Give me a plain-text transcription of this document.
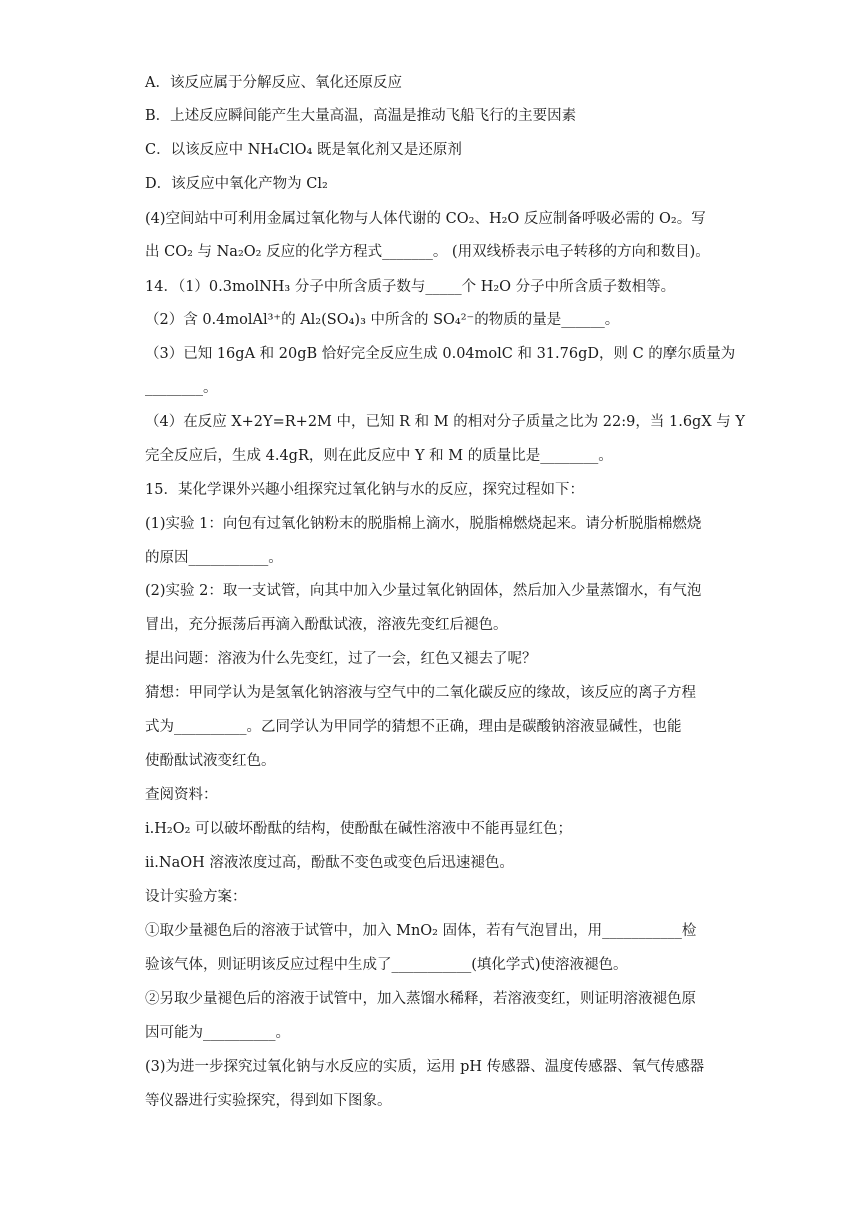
A．该反应属于分解反应、氧化还原反应
B．上述反应瞬间能产生大量高温，高温是推动飞船飞行的主要因素
C．以该反应中 NH₄ClO₄ 既是氧化剂又是还原剂
D．该反应中氧化产物为 Cl₂
(4)空间站中可利用金属过氧化物与人体代谢的 CO₂、H₂O 反应制备呼吸必需的 O₂。写
出 CO₂ 与 Na₂O₂ 反应的化学方程式_______。 (用双线桥表示电子转移的方向和数目)。
14．（1）0.3molNH₃ 分子中所含质子数与_____个 H₂O 分子中所含质子数相等。
（2）含 0.4molAl³⁺的 Al₂(SO₄)₃ 中所含的 SO₄²⁻的物质的量是______。
（3）已知 16gA 和 20gB 恰好完全反应生成 0.04molC 和 31.76gD，则 C 的摩尔质量为
________。
（4）在反应 X+2Y=R+2M 中，已知 R 和 M 的相对分子质量之比为 22:9，当 1.6gX 与 Y
完全反应后，生成 4.4gR，则在此反应中 Y 和 M 的质量比是________。
15．某化学课外兴趣小组探究过氧化钠与水的反应，探究过程如下：
(1)实验 1：向包有过氧化钠粉末的脱脂棉上滴水，脱脂棉燃烧起来。请分析脱脂棉燃烧
的原因___________。
(2)实验 2：取一支试管，向其中加入少量过氧化钠固体，然后加入少量蒸馏水，有气泡
冒出，充分振荡后再滴入酚酞试液，溶液先变红后褪色。
提出问题：溶液为什么先变红，过了一会，红色又褪去了呢？
猜想：甲同学认为是氢氧化钠溶液与空气中的二氧化碳反应的缘故，该反应的离子方程
式为__________。乙同学认为甲同学的猜想不正确，理由是碳酸钠溶液显碱性，也能
使酚酞试液变红色。
查阅资料：
i.H₂O₂ 可以破坏酚酞的结构，使酚酞在碱性溶液中不能再显红色；
ii.NaOH 溶液浓度过高，酚酞不变色或变色后迅速褪色。
设计实验方案：
①取少量褪色后的溶液于试管中，加入 MnO₂ 固体，若有气泡冒出，用___________检
验该气体，则证明该反应过程中生成了___________(填化学式)使溶液褪色。
②另取少量褪色后的溶液于试管中，加入蒸馏水稀释，若溶液变红，则证明溶液褪色原
因可能为__________。
(3)为进一步探究过氧化钠与水反应的实质，运用 pH 传感器、温度传感器、氧气传感器
等仪器进行实验探究，得到如下图象。
